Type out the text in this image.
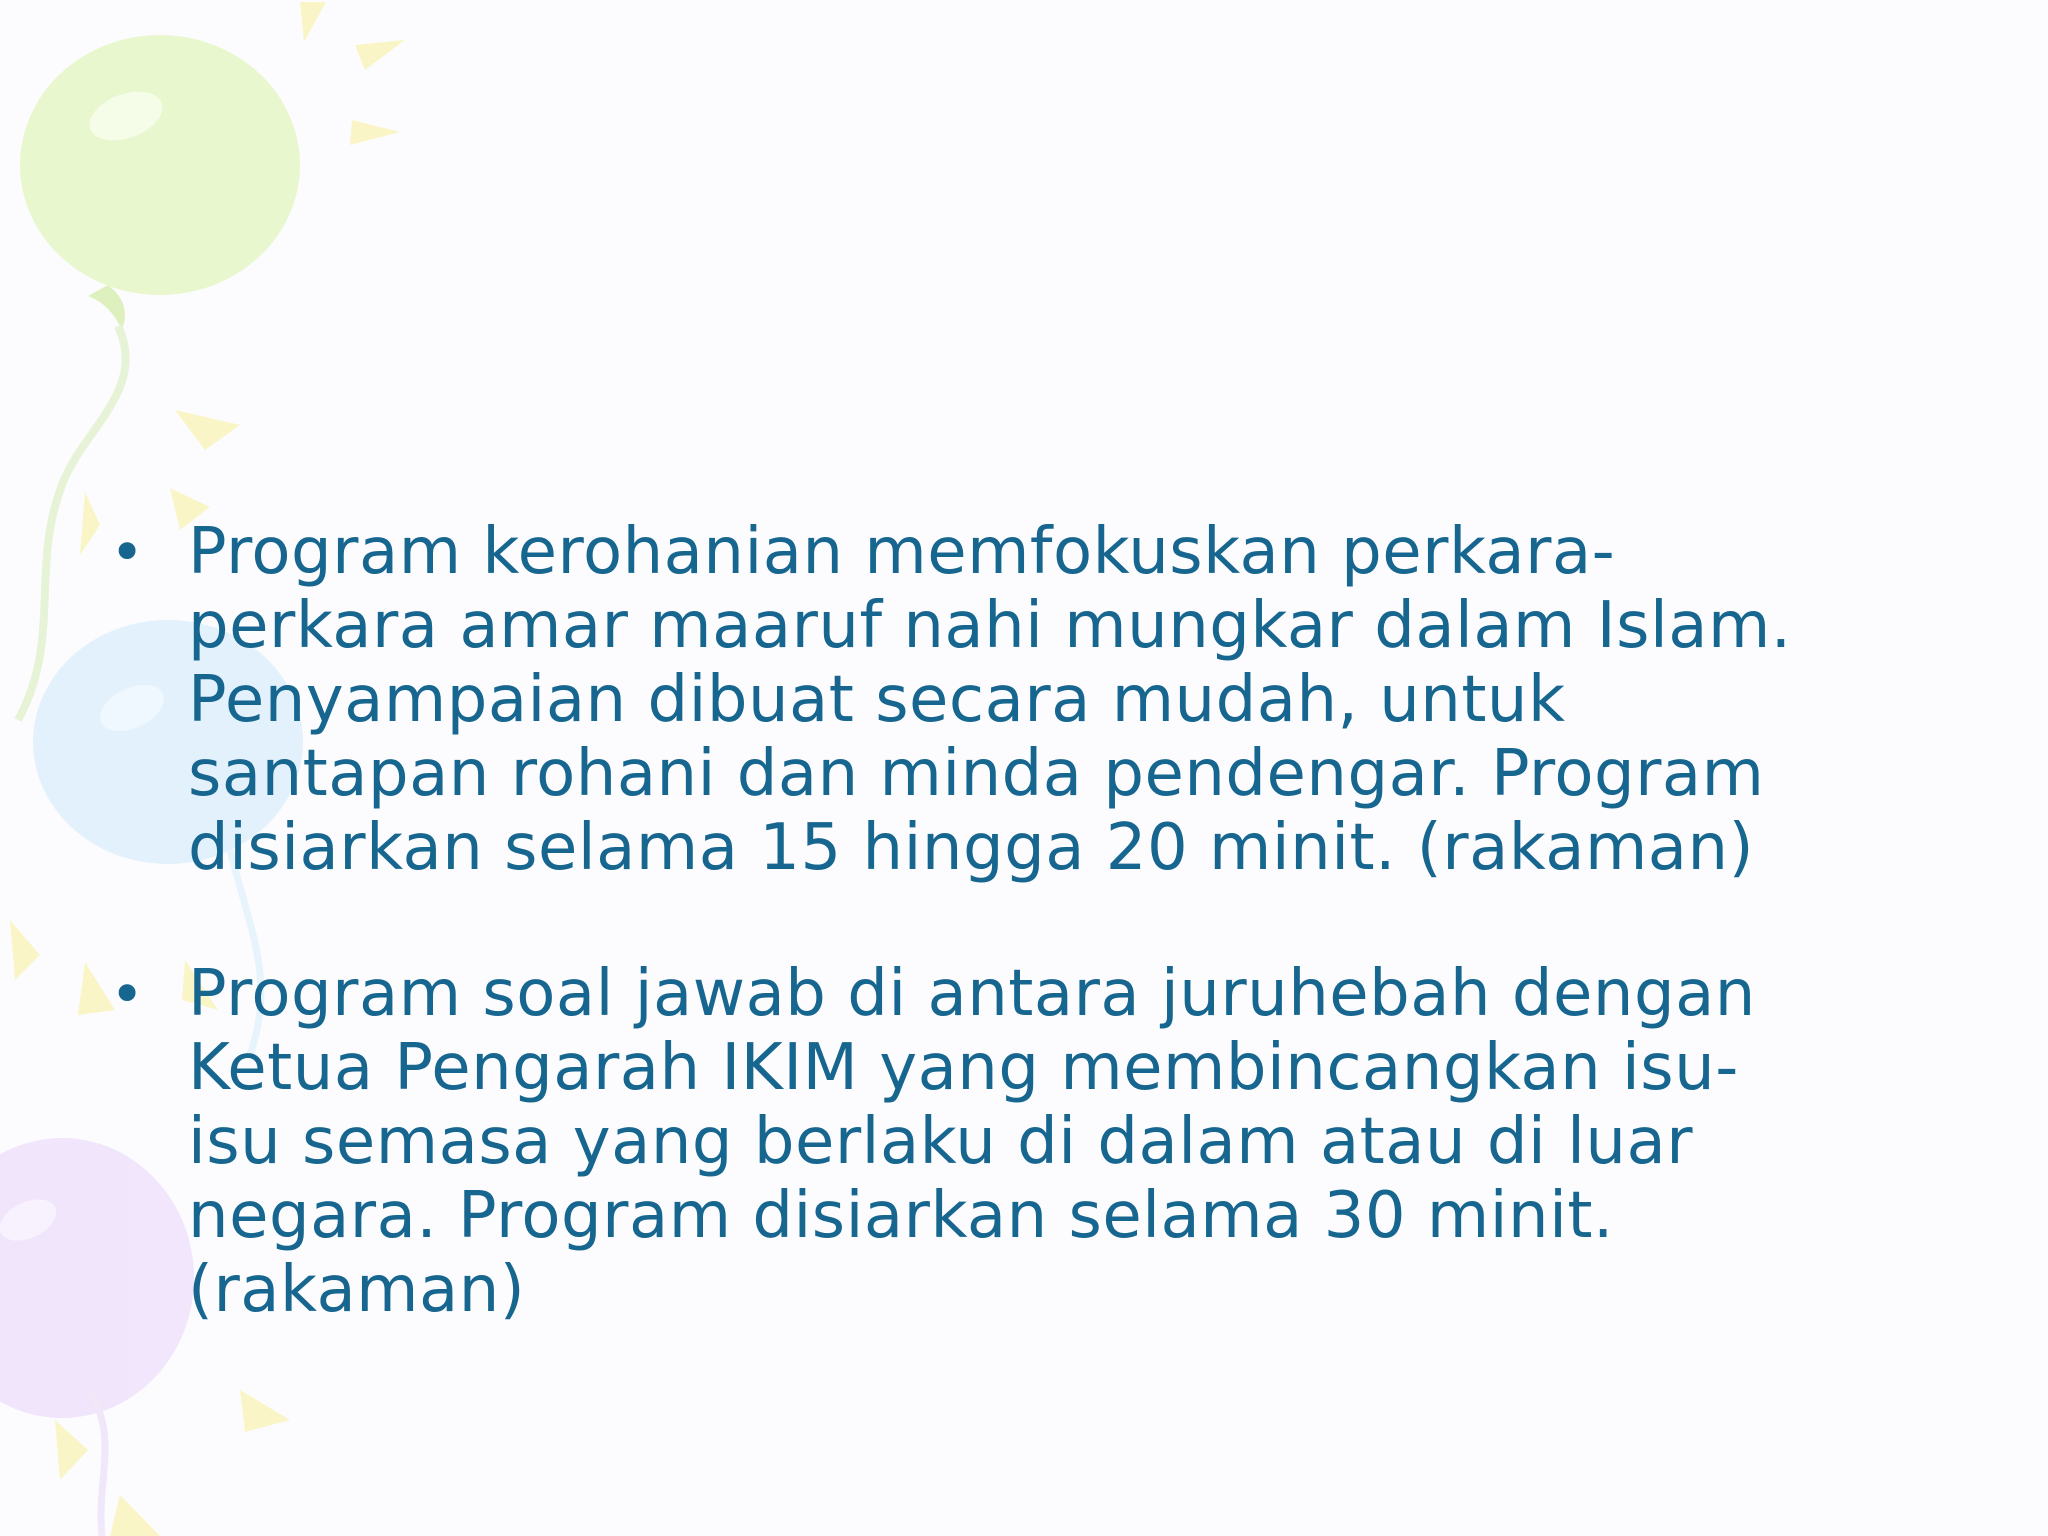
• Program kerohanian memfokuskan perkara-
perkara amar maaruf nahi mungkar dalam Islam.
Penyampaian dibuat secara mudah, untuk
santapan rohani dan minda pendengar. Program
disiarkan selama 15 hingga 20 minit. (rakaman)
• Program soal jawab di antara juruhebah dengan
Ketua Pengarah IKIM yang membincangkan isu-
isu semasa yang berlaku di dalam atau di luar
negara. Program disiarkan selama 30 minit.
(rakaman)
